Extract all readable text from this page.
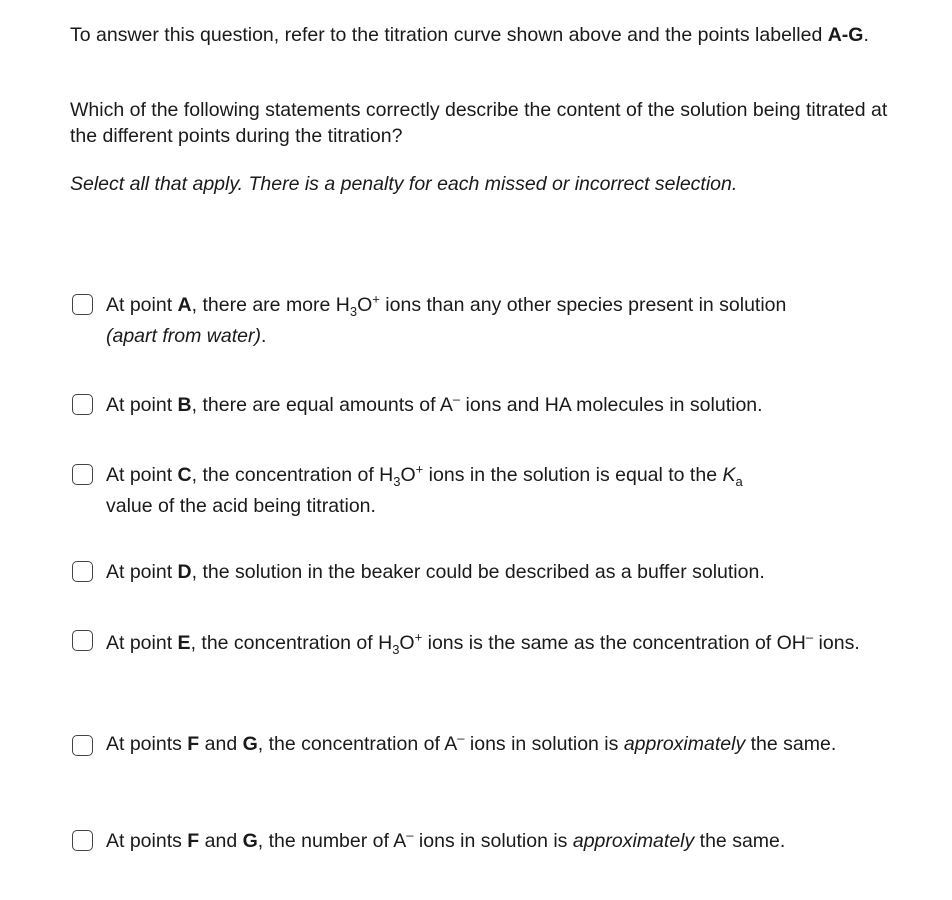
To answer this question, refer to the titration curve shown above and the points labelled A-G.

Which of the following statements correctly describe the content of the solution being titrated at the different points during the titration?

Select all that apply. There is a penalty for each missed or incorrect selection.

At point A, there are more $H_3O^+$ ions than any other species present in solution
(apart from water).
At point B, there are equal amounts of A– ions and HA molecules in solution.
At point C, the concentration of $H_3O^+$ ions in the solution is equal to the $K_a$
value of the acid being titration.
At point D, the solution in the beaker could be described as a buffer solution.
At point E, the concentration of $H_3O^+$ ions is the same as the concentration of OH– ions.
At points F and G, the concentration of A– ions in solution is approximately the same.
At points F and G, the number of A– ions in solution is approximately the same.
